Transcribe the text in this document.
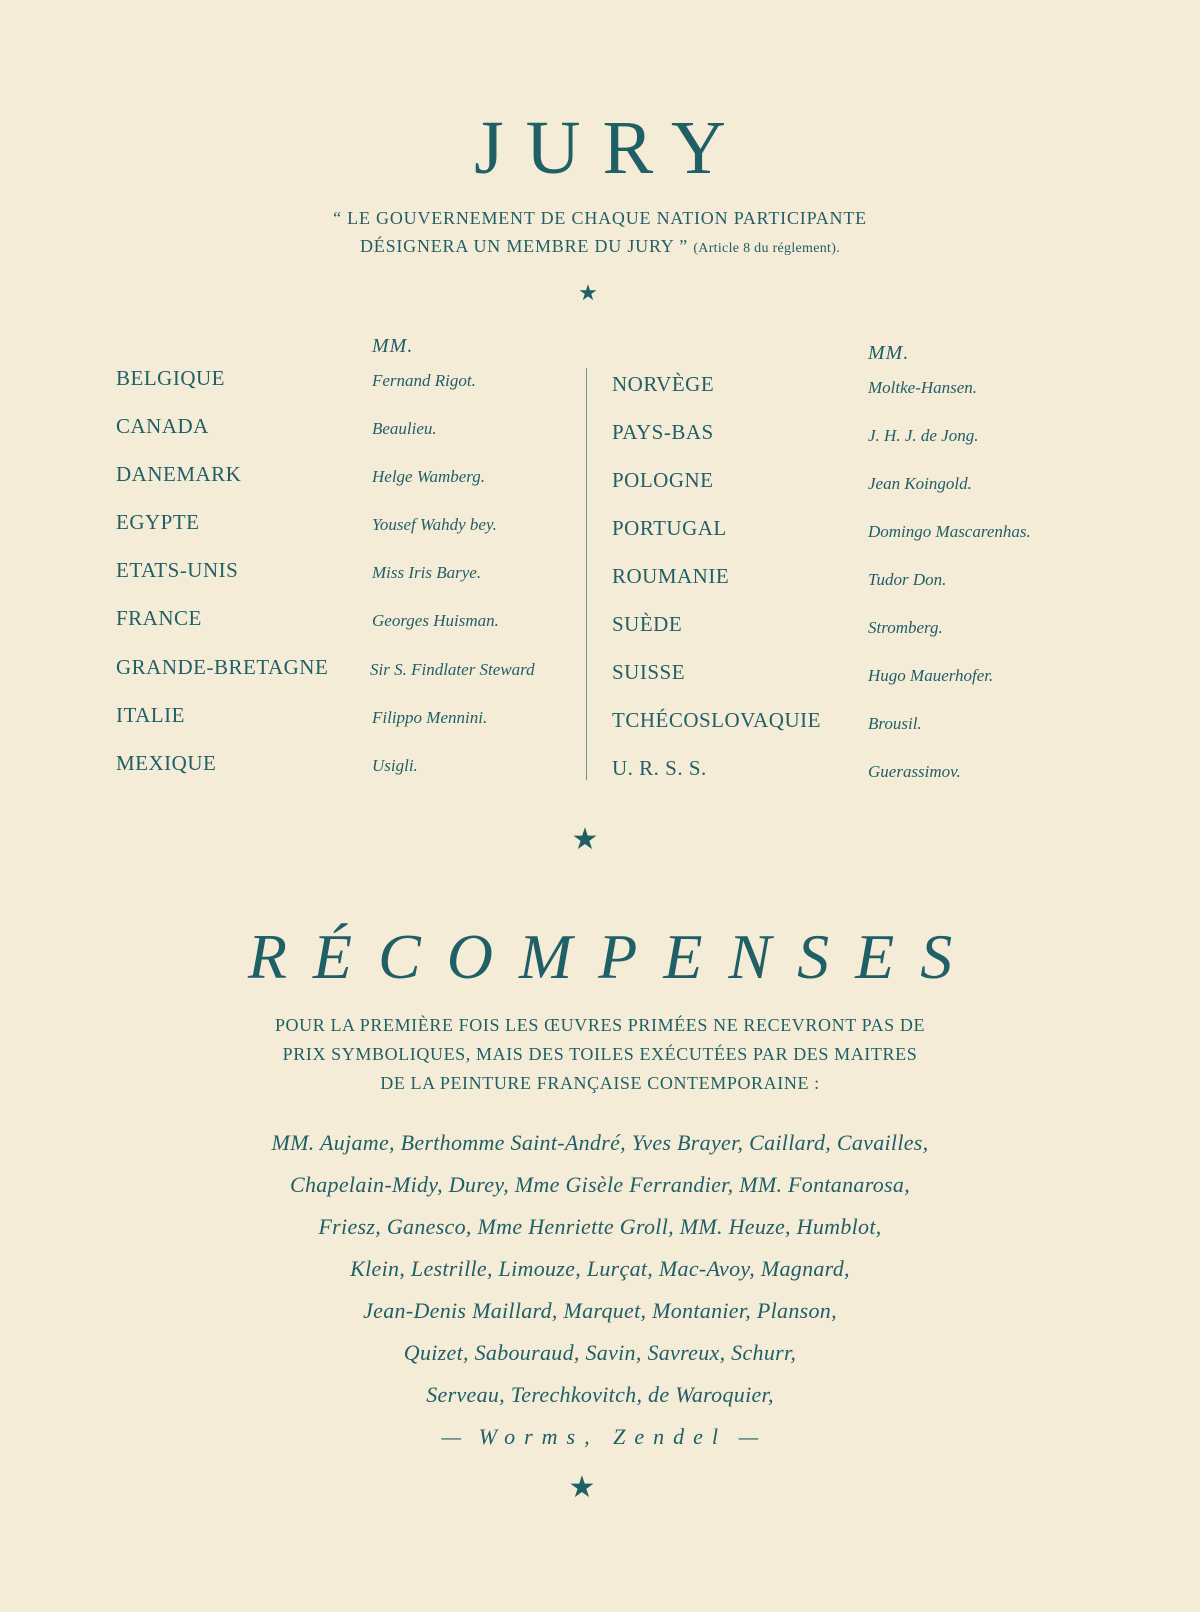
JURY
“ LE GOUVERNEMENT DE CHAQUE NATION PARTICIPANTE
DÉSIGNERA UN MEMBRE DU JURY ” (Article 8 du réglement).
★
MM.	MM.
BELGIQUE	Fernand Rigot.
CANADA	Beaulieu.
DANEMARK	Helge Wamberg.
EGYPTE	Yousef Wahdy bey.
ETATS-UNIS	Miss Iris Barye.
FRANCE	Georges Huisman.
GRANDE-BRETAGNE Sir S. Findlater Steward
ITALIE	Filippo Mennini.
MEXIQUE	Usigli.
NORVÈGE	Moltke-Hansen.
PAYS-BAS	J. H. J. de Jong.
POLOGNE	Jean Koingold.
PORTUGAL	Domingo Mascarenhas.
ROUMANIE	Tudor Don.
SUÈDE	Stromberg.
SUISSE	Hugo Mauerhofer.
TCHÉCOSLOVAQUIE	Brousil.
U. R. S. S.	Guerassimov.
★
RÉCOMPENSES
POUR LA PREMIÈRE FOIS LES ŒUVRES PRIMÉES NE RECEVRONT PAS DE
PRIX SYMBOLIQUES, MAIS DES TOILES EXÉCUTÉES PAR DES MAITRES
DE LA PEINTURE FRANÇAISE CONTEMPORAINE :
MM. Aujame, Berthomme Saint-André, Yves Brayer, Caillard, Cavailles,
Chapelain-Midy, Durey, Mme Gisèle Ferrandier, MM. Fontanarosa,
Friesz, Ganesco, Mme Henriette Groll, MM. Heuze, Humblot,
Klein, Lestrille, Limouze, Lurçat, Mac-Avoy, Magnard,
Jean-Denis Maillard, Marquet, Montanier, Planson,
Quizet, Sabouraud, Savin, Savreux, Schurr,
Serveau, Terechkovitch, de Waroquier,
— Worms, Zendel —
★
